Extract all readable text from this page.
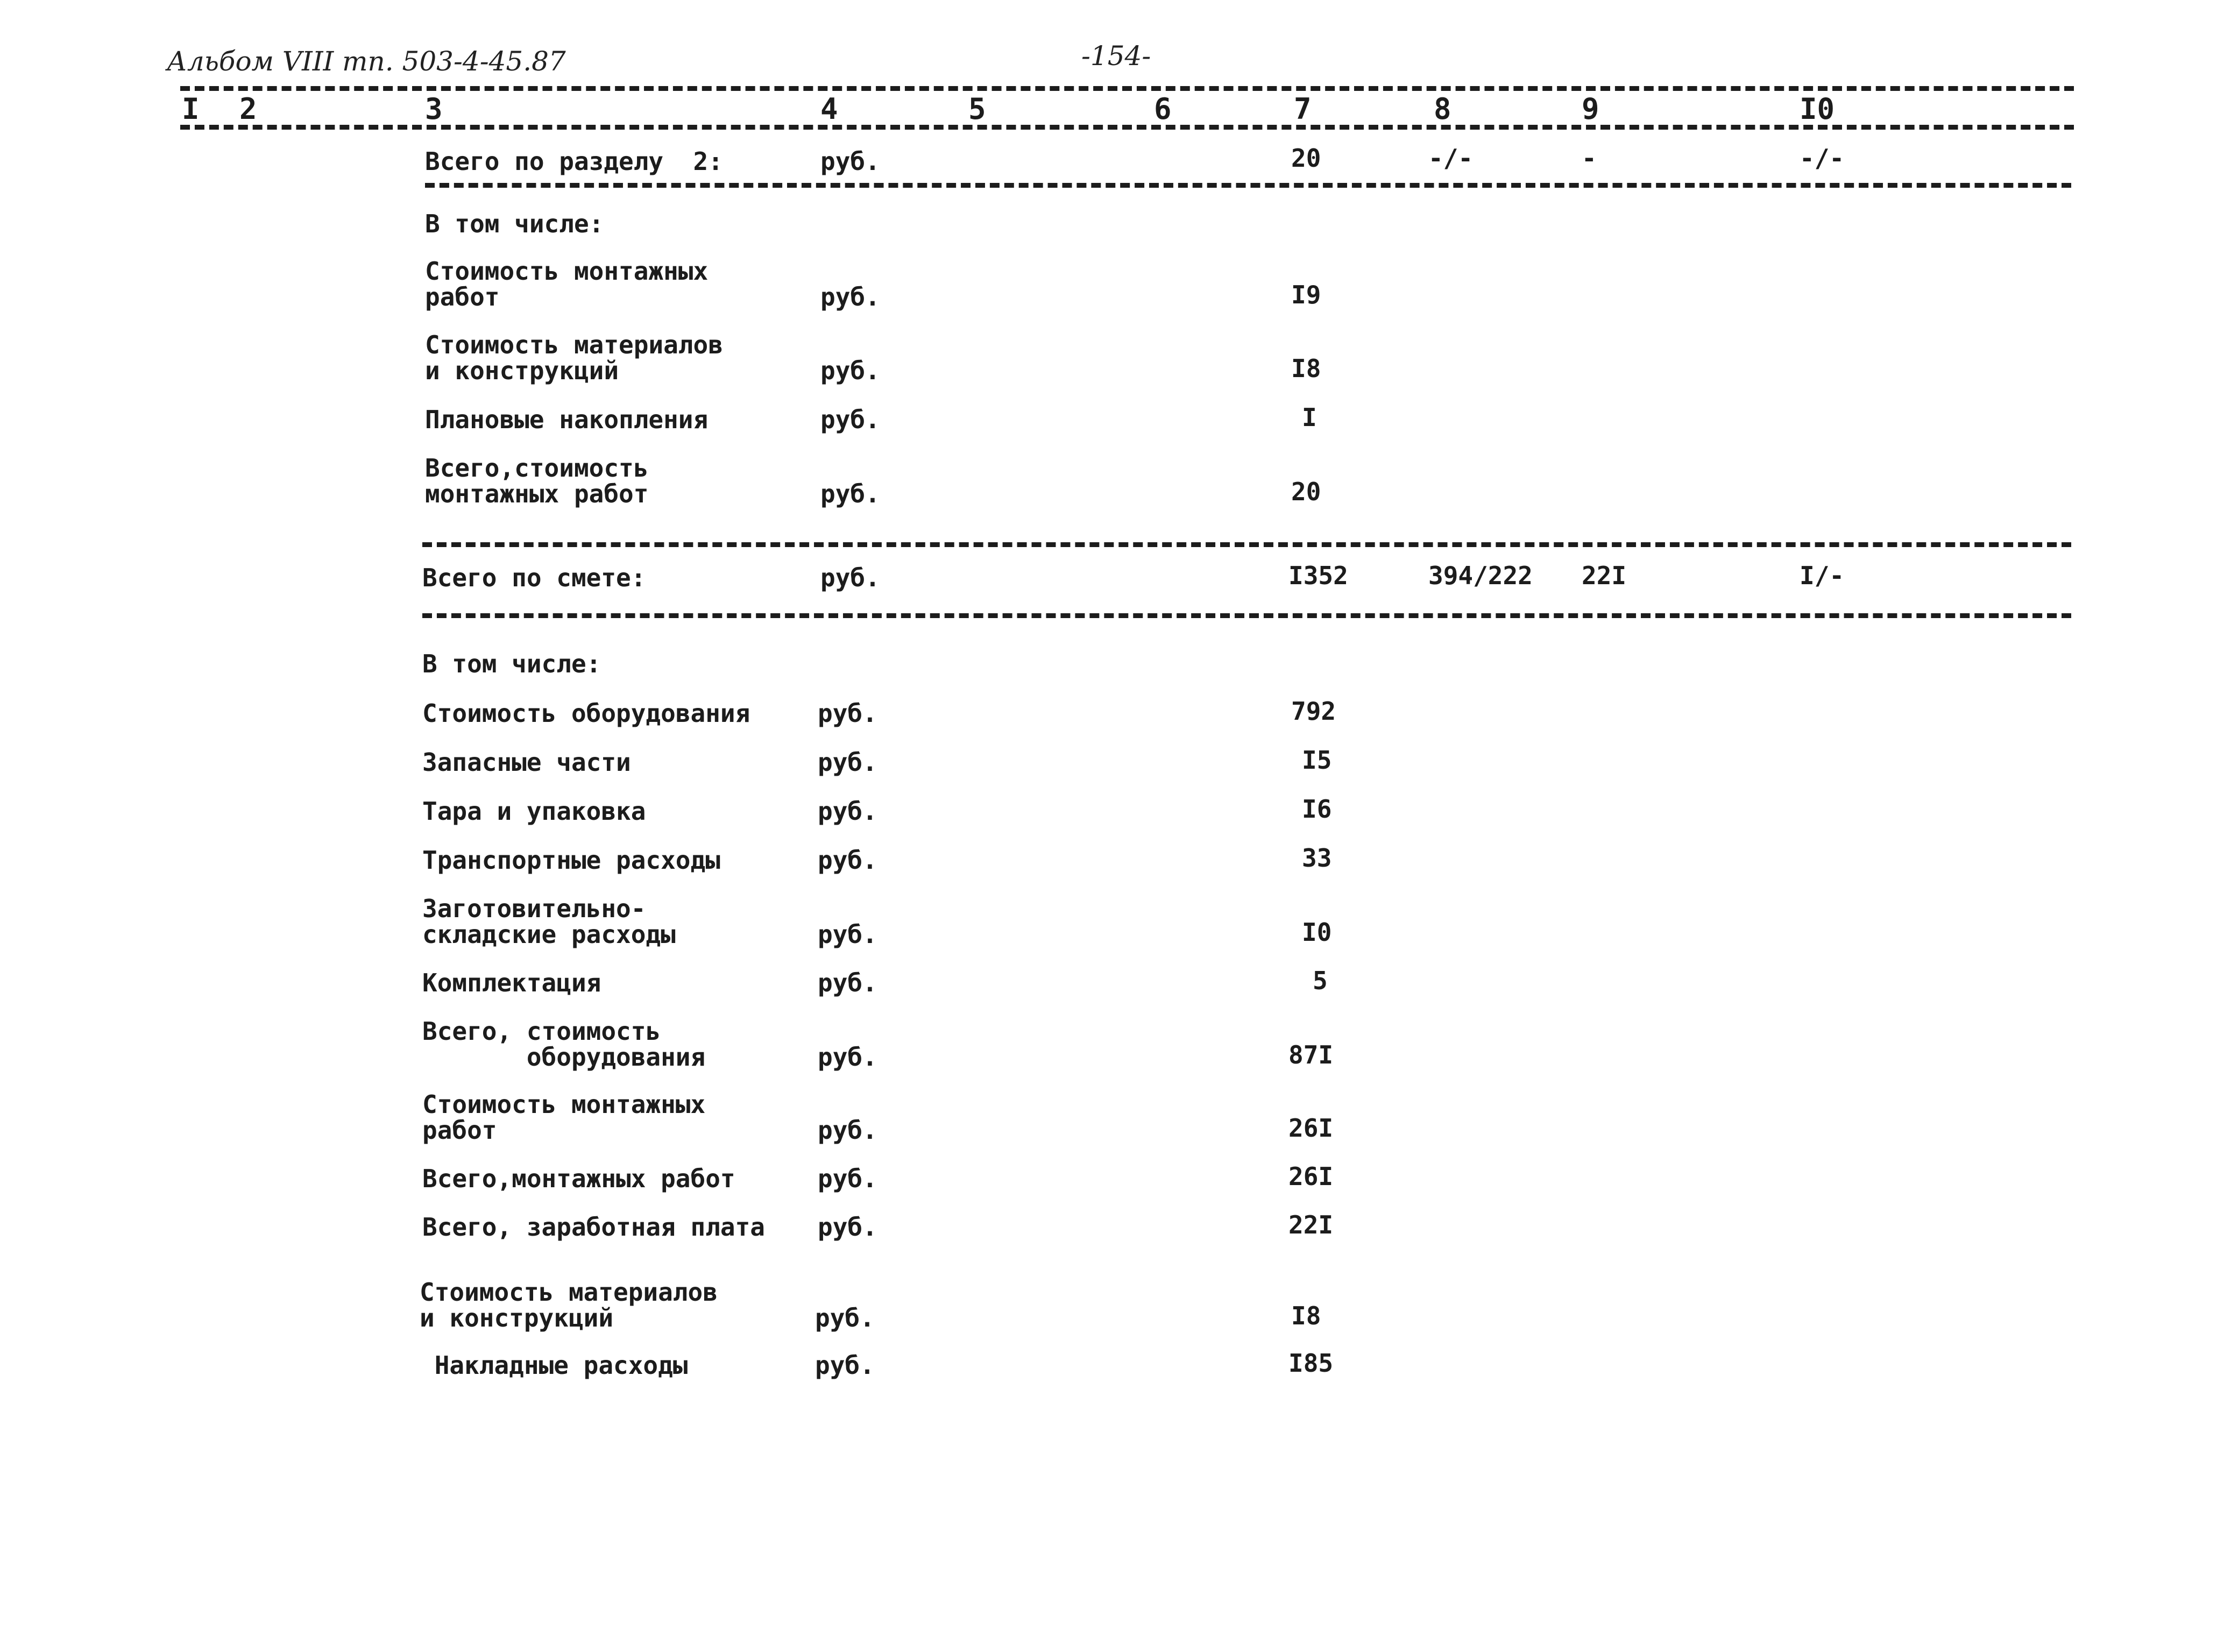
Альбом VIII тп. 503-4-45.87	-154-
I 2	3	4	5	6	7	8	9	I0
Всего по разделу  2:	руб.	20	-/-	-	-/-
В том числе:
Стоимость монтажных
работ	руб.	I9
Стоимость материалов
и конструкций	руб.	I8
Плановые накопления	руб.	I
Всего,стоимость
монтажных работ	руб.	20
Всего по смете:	руб.	I352	394/222 22I	I/-
В том числе:
Стоимость оборудования	руб.	792
Запасные части	руб.	I5
Тара и упаковка	руб.	I6
Транспортные расходы	руб.	33
Заготовительно-
складские расходы	руб.	I0
Комплектация	руб.	5
Всего, стоимость
оборудования	руб.	87I
Стоимость монтажных
работ	руб.	26I
Всего,монтажных работ	руб.	26I
Всего, заработная плата руб.	22I
Стоимость материалов
и конструкций	руб.	I8
Накладные расходы	руб.	I85
